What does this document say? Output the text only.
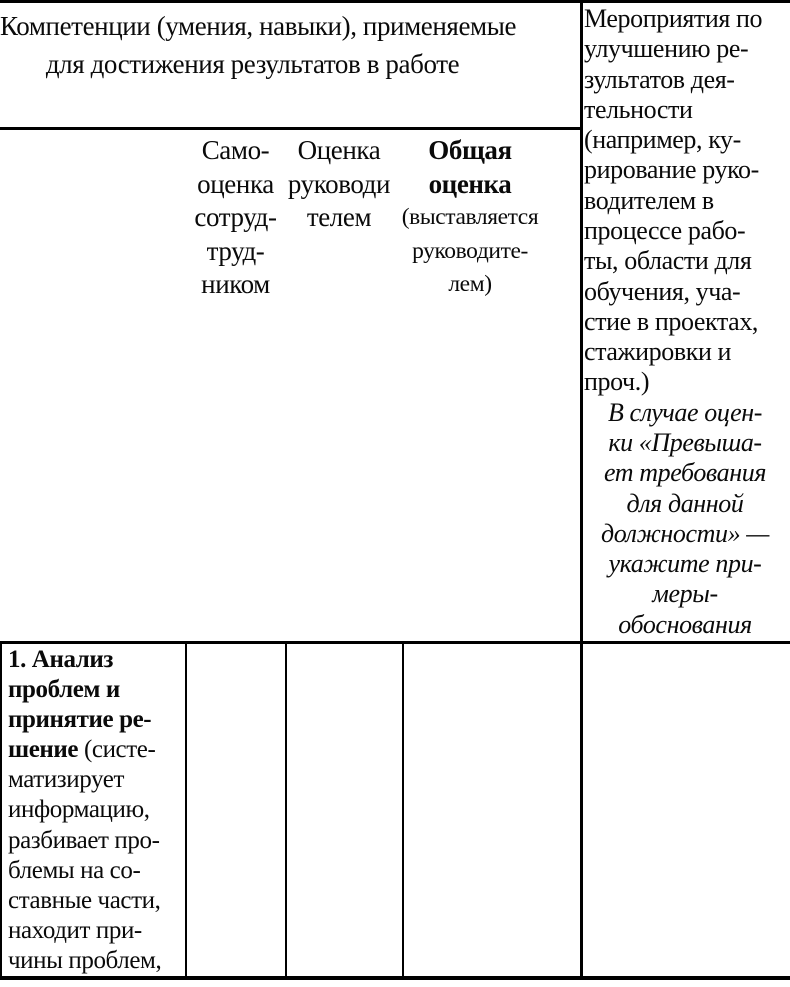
Компетенции (умения, навыки), применяемые
для достижения результатов в работе
Само-
оценка
сотруд-
труд-
ником
Оценка
руководи
телем
Общая
оценка
(выставляется
руководите-
лем)
Мероприятия по
улучшению ре-
зультатов дея-
тельности
(например, ку-
рирование руко-
водителем в
процессе рабо-
ты, области для
обучения, уча-
стие в проектах,
стажировки и
проч.)
В случае оцен-
ки «Превыша-
ет требования
для данной
должности» —
укажите при-
меры-
обоснования
1. Анализ
проблем и
принятие ре-
шение (систе-
матизирует
информацию,
разбивает про-
блемы на со-
ставные части,
находит при-
чины проблем,
